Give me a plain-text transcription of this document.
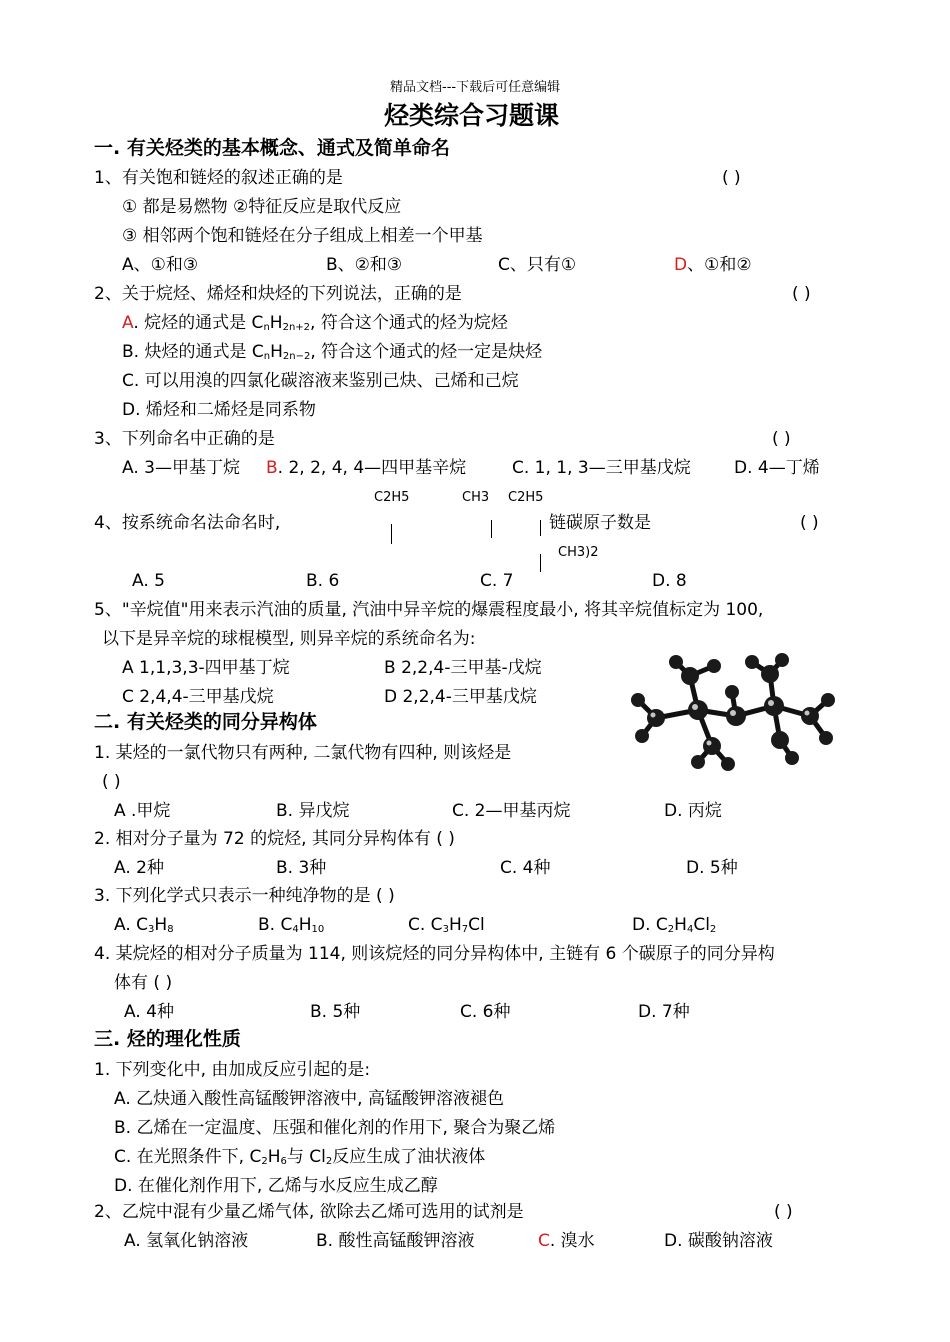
精品文档---下载后可任意编辑
烃类综合习题课
一. 有关烃类的基本概念、通式及简单命名
1、有关饱和链烃的叙述正确的是	( )
① 都是易燃物 ②特征反应是取代反应
③ 相邻两个饱和链烃在分子组成上相差一个甲基
A、①和③	B、②和③	C、只有①	D、①和②
2、关于烷烃、烯烃和炔烃的下列说法，正确的是	( )
A. 烷烃的通式是 $C_nH_{2n+2}$, 符合这个通式的烃为烷烃
B. 炔烃的通式是 $C_nH_{2n-2}$, 符合这个通式的烃一定是炔烃
C. 可以用溴的四氯化碳溶液来鉴别己炔、己烯和己烷
D. 烯烃和二烯烃是同系物
3、下列命名中正确的是	( )
A. 3—甲基丁烷 B. 2, 2, 4, 4—四甲基辛烷	C. 1, 1, 3—三甲基戊烷	D. 4—丁烯
C2H5	CH3 C2H5
4、按系统命名法命名时,	链碳原子数是	( )
CH3)2
A. 5	B. 6	C. 7	D. 8
5、"辛烷值"用来表示汽油的质量, 汽油中异辛烷的爆震程度最小, 将其辛烷值标定为 100,
以下是异辛烷的球棍模型, 则异辛烷的系统命名为:
A 1,1,3,3-四甲基丁烷	B 2,2,4-三甲基-戊烷
C 2,4,4-三甲基戊烷	D 2,2,4-三甲基戊烷
二. 有关烃类的同分异构体
1. 某烃的一氯代物只有两种, 二氯代物有四种, 则该烃是
( )
A .甲烷	B. 异戊烷	C. 2—甲基丙烷	D. 丙烷
2. 相对分子量为 72 的烷烃, 其同分异构体有 ( )
A. 2种	B. 3种	C. 4种	D. 5种
3. 下列化学式只表示一种纯净物的是 ( )
A. $C_3H_8$	B. $C_4H_{10}$	C. $C_3H_7Cl$	D. $C_2H_4Cl_2$
4. 某烷烃的相对分子质量为 114, 则该烷烃的同分异构体中, 主链有 6 个碳原子的同分异构
体有 ( )
A. 4种	B. 5种	C. 6种	D. 7种
三. 烃的理化性质
1. 下列变化中, 由加成反应引起的是:
A. 乙炔通入酸性高锰酸钾溶液中, 高锰酸钾溶液褪色
B. 乙烯在一定温度、压强和催化剂的作用下, 聚合为聚乙烯
C. 在光照条件下, $C_2H_6$与 $Cl_2$反应生成了油状液体
D. 在催化剂作用下, 乙烯与水反应生成乙醇
2、乙烷中混有少量乙烯气体, 欲除去乙烯可选用的试剂是	( )
A. 氢氧化钠溶液	B. 酸性高锰酸钾溶液	C. 溴水	D. 碳酸钠溶液
